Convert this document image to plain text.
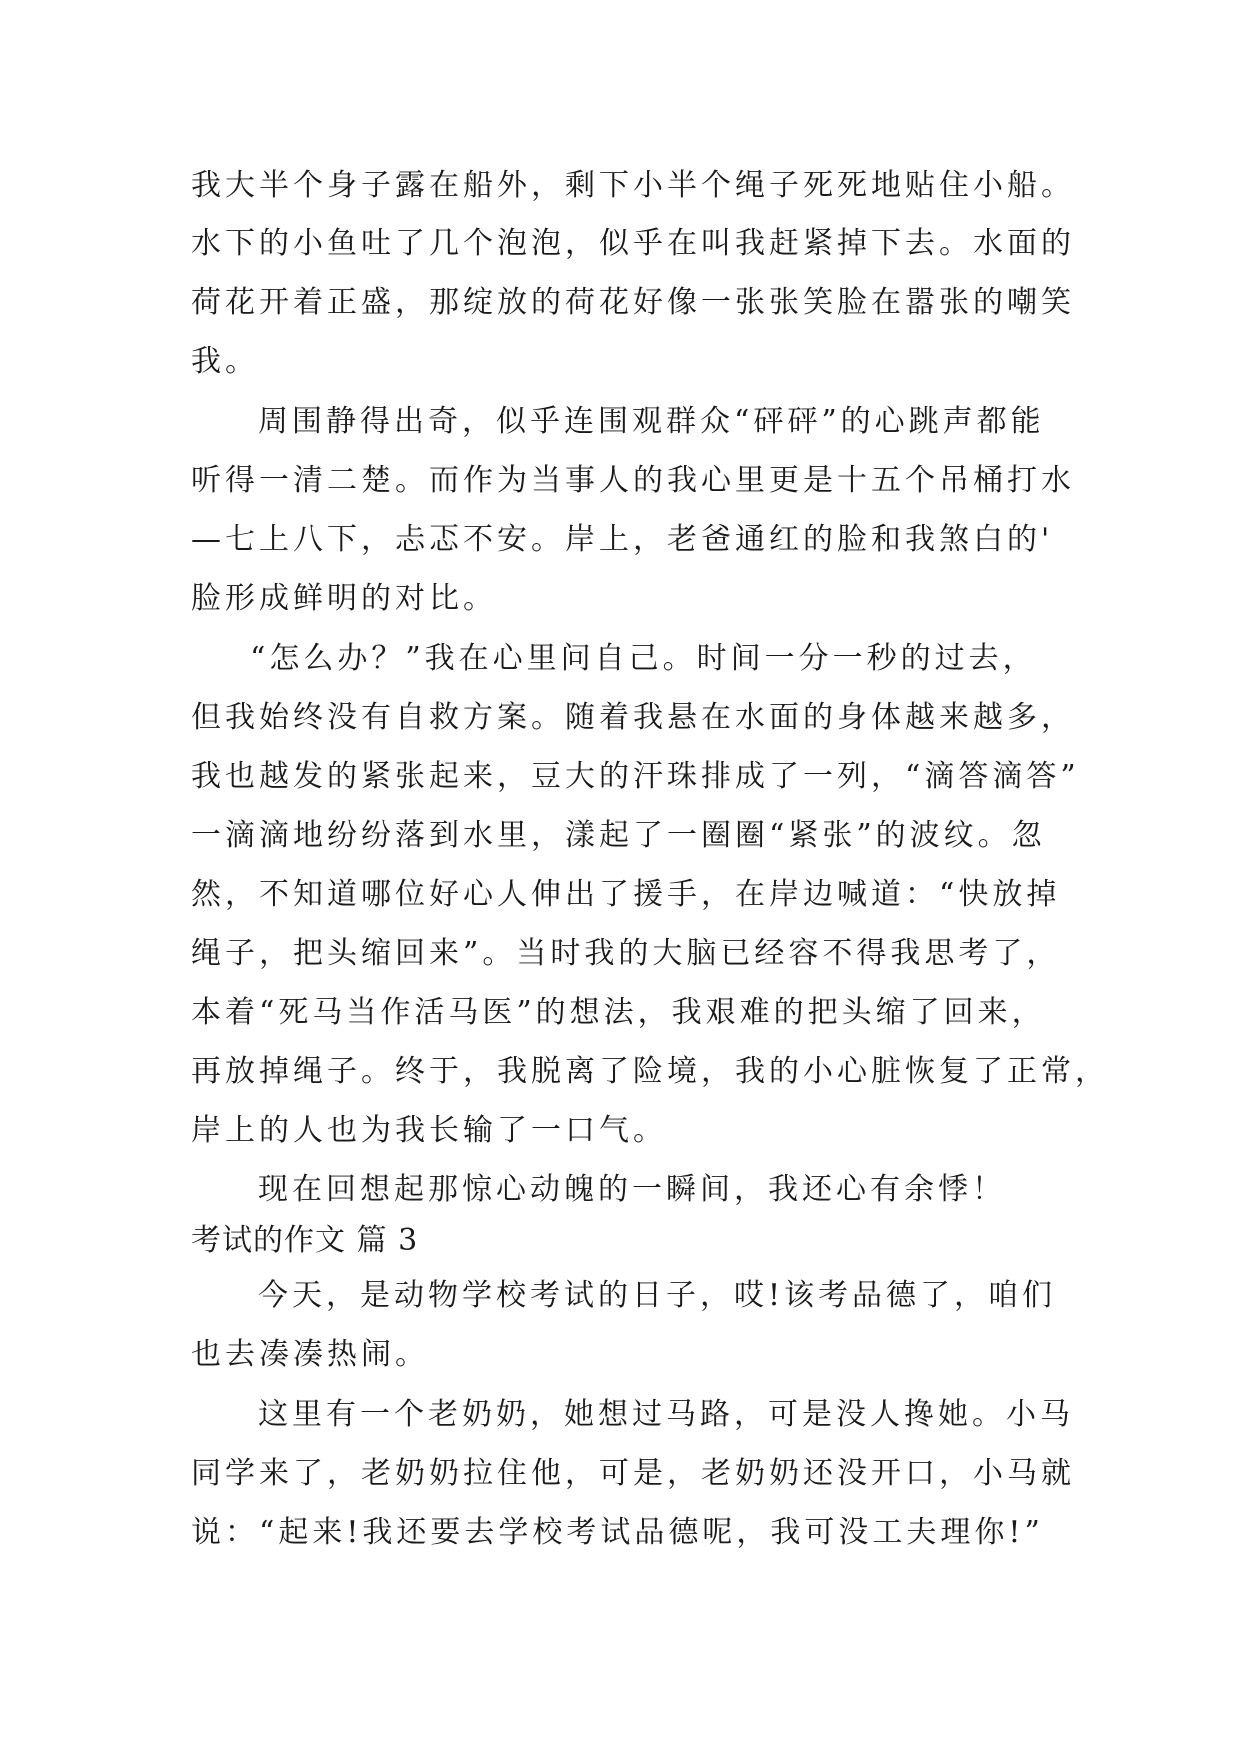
我大半个身子露在船外，剩下小半个绳子死死地贴住小船。
水下的小鱼吐了几个泡泡，似乎在叫我赶紧掉下去。水面的
荷花开着正盛，那绽放的荷花好像一张张笑脸在嚣张的嘲笑
我。
周围静得出奇，似乎连围观群众“砰砰”的心跳声都能
听得一清二楚。而作为当事人的我心里更是十五个吊桶打水
—七上八下，忐忑不安。岸上，老爸通红的脸和我煞白的'
脸形成鲜明的对比。
“怎么办？”我在心里问自己。时间一分一秒的过去，
但我始终没有自救方案。随着我悬在水面的身体越来越多，
我也越发的紧张起来，豆大的汗珠排成了一列，“滴答滴答”
一滴滴地纷纷落到水里，漾起了一圈圈“紧张”的波纹。忽
然，不知道哪位好心人伸出了援手，在岸边喊道：“快放掉
绳子，把头缩回来”。当时我的大脑已经容不得我思考了，
本着“死马当作活马医”的想法，我艰难的把头缩了回来，
再放掉绳子。终于，我脱离了险境，我的小心脏恢复了正常，
岸上的人也为我长输了一口气。
现在回想起那惊心动魄的一瞬间，我还心有余悸！
考试的作文 篇 3
今天，是动物学校考试的日子，哎!该考品德了，咱们
也去凑凑热闹。
这里有一个老奶奶，她想过马路，可是没人搀她。小马
同学来了，老奶奶拉住他，可是，老奶奶还没开口，小马就
说：“起来!我还要去学校考试品德呢，我可没工夫理你!”
